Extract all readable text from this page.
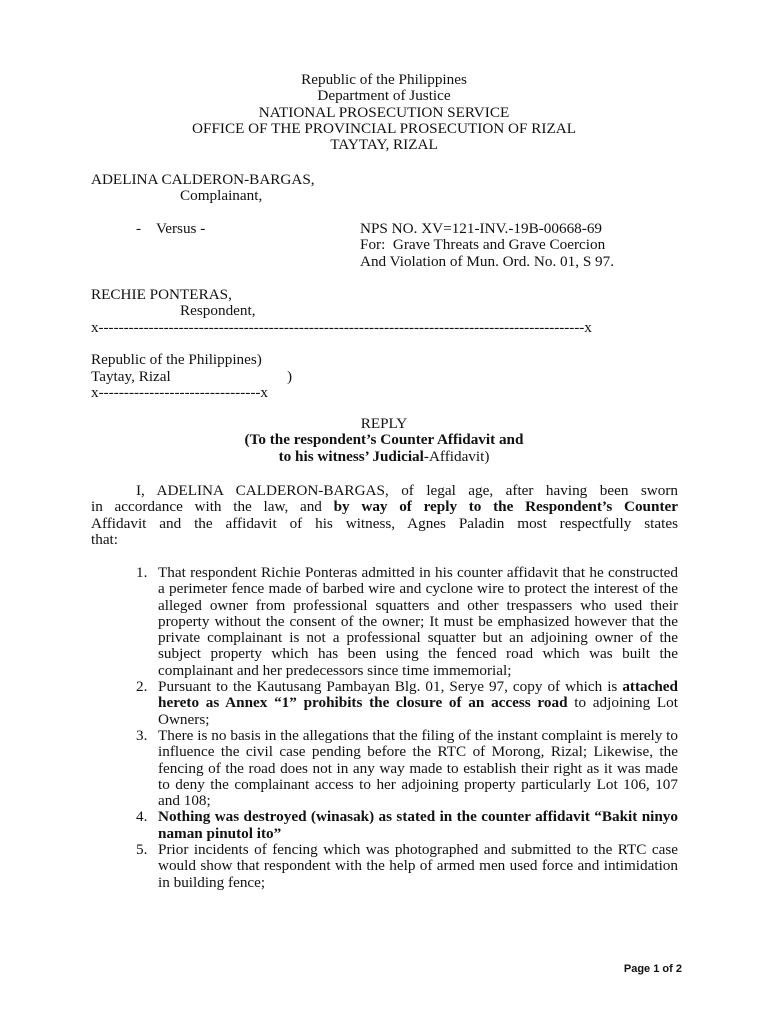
Republic of the Philippines
Department of Justice
NATIONAL PROSECUTION SERVICE
OFFICE OF THE PROVINCIAL PROSECUTION OF RIZAL
TAYTAY, RIZAL
ADELINA CALDERON-BARGAS,
Complainant,
-    Versus -	NPS NO. XV=121-INV.-19B-00668-69
For:  Grave Threats and Grave Coercion
And Violation of Mun. Ord. No. 01, S 97.
RECHIE PONTERAS,
Respondent,
x-------------------------------------------------------------------------------------------------x
Republic of the Philippines)
Taytay, Rizal	)
x--------------------------------x
REPLY
(To the respondent’s Counter Affidavit and
to his witness’ Judicial-Affidavit)
I, ADELINA CALDERON-BARGAS, of legal age, after having been sworn
in accordance with the law, and by way of reply to the Respondent’s Counter
Affidavit and the affidavit of his witness, Agnes Paladin most respectfully states
that:
1. That respondent Richie Ponteras admitted in his counter affidavit that he constructed a perimeter fence made of barbed wire and cyclone wire to protect the interest of the alleged owner from professional squatters and other trespassers who used their property without the consent of the owner; It must be emphasized however that the private complainant is not a professional squatter but an adjoining owner of the subject property which has been using the fenced road which was built the complainant and her predecessors since time immemorial;
2. Pursuant to the Kautusang Pambayan Blg. 01, Serye 97, copy of which is attached hereto as Annex “1” prohibits the closure of an access road to adjoining Lot Owners;
3. There is no basis in the allegations that the filing of the instant complaint is merely to influence the civil case pending before the RTC of Morong, Rizal; Likewise, the fencing of the road does not in any way made to establish their right as it was made to deny the complainant access to her adjoining property particularly Lot 106, 107 and 108;
4. Nothing was destroyed (winasak) as stated in the counter affidavit “Bakit ninyo naman pinutol ito”
5. Prior incidents of fencing which was photographed and submitted to the RTC case would show that respondent with the help of armed men used force and intimidation in building fence;
Page 1 of 2
